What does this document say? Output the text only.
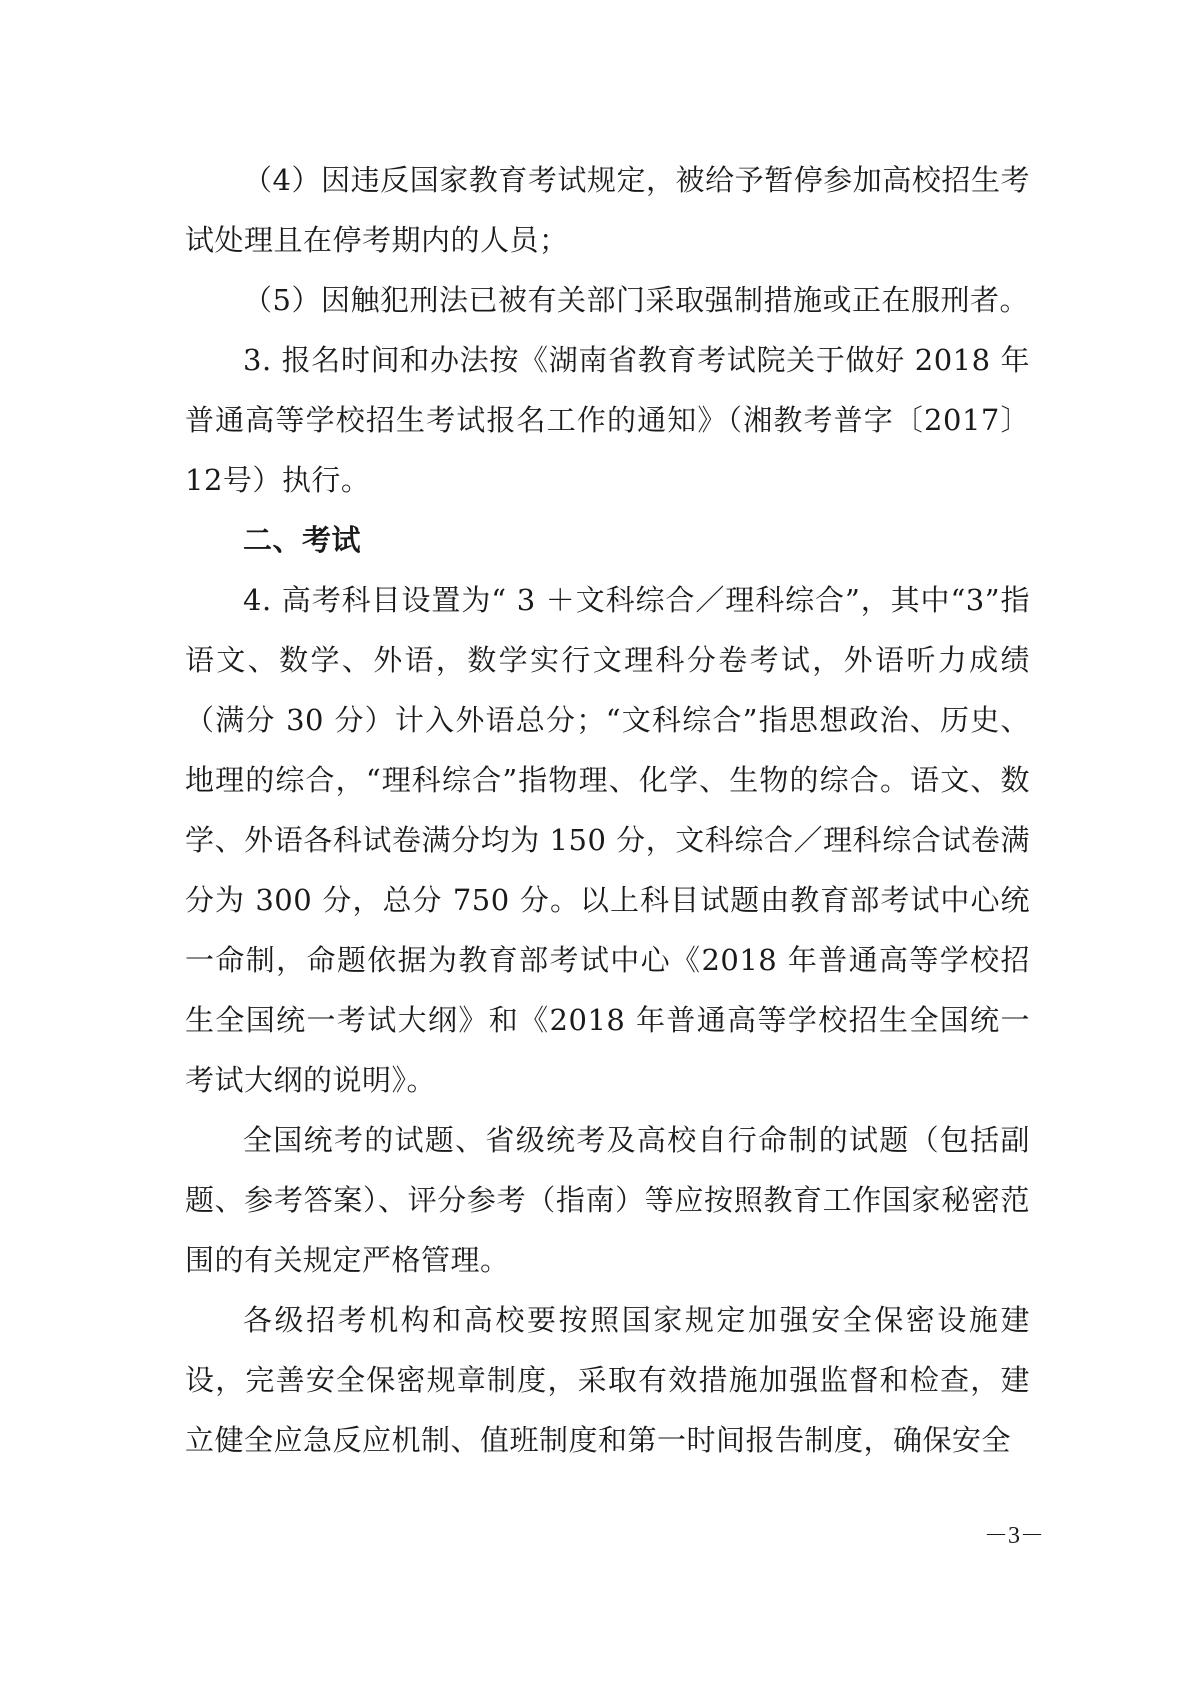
（4）因违反国家教育考试规定，被给予暂停参加高校招生考试处理且在停考期内的人员；

（5）因触犯刑法已被有关部门采取强制措施或正在服刑者。

3. 报名时间和办法按《湖南省教育考试院关于做好 2018 年普通高等学校招生考试报名工作的通知》（湘教考普字〔2017〕12号）执行。

二、考试

4. 高考科目设置为“ 3 ＋文科综合／理科综合”，其中“3”指语文、数学、外语，数学实行文理科分卷考试，外语听力成绩（满分 30 分）计入外语总分；“文科综合”指思想政治、历史、地理的综合，“理科综合”指物理、化学、生物的综合。语文、数学、外语各科试卷满分均为 150 分，文科综合／理科综合试卷满分为 300 分，总分 750 分。以上科目试题由教育部考试中心统一命制，命题依据为教育部考试中心《2018 年普通高等学校招生全国统一考试大纲》和《2018 年普通高等学校招生全国统一考试大纲的说明》。

全国统考的试题、省级统考及高校自行命制的试题（包括副题、参考答案）、评分参考（指南）等应按照教育工作国家秘密范围的有关规定严格管理。

各级招考机构和高校要按照国家规定加强安全保密设施建设，完善安全保密规章制度，采取有效措施加强监督和检查，建立健全应急反应机制、值班制度和第一时间报告制度，确保安全

－3－
